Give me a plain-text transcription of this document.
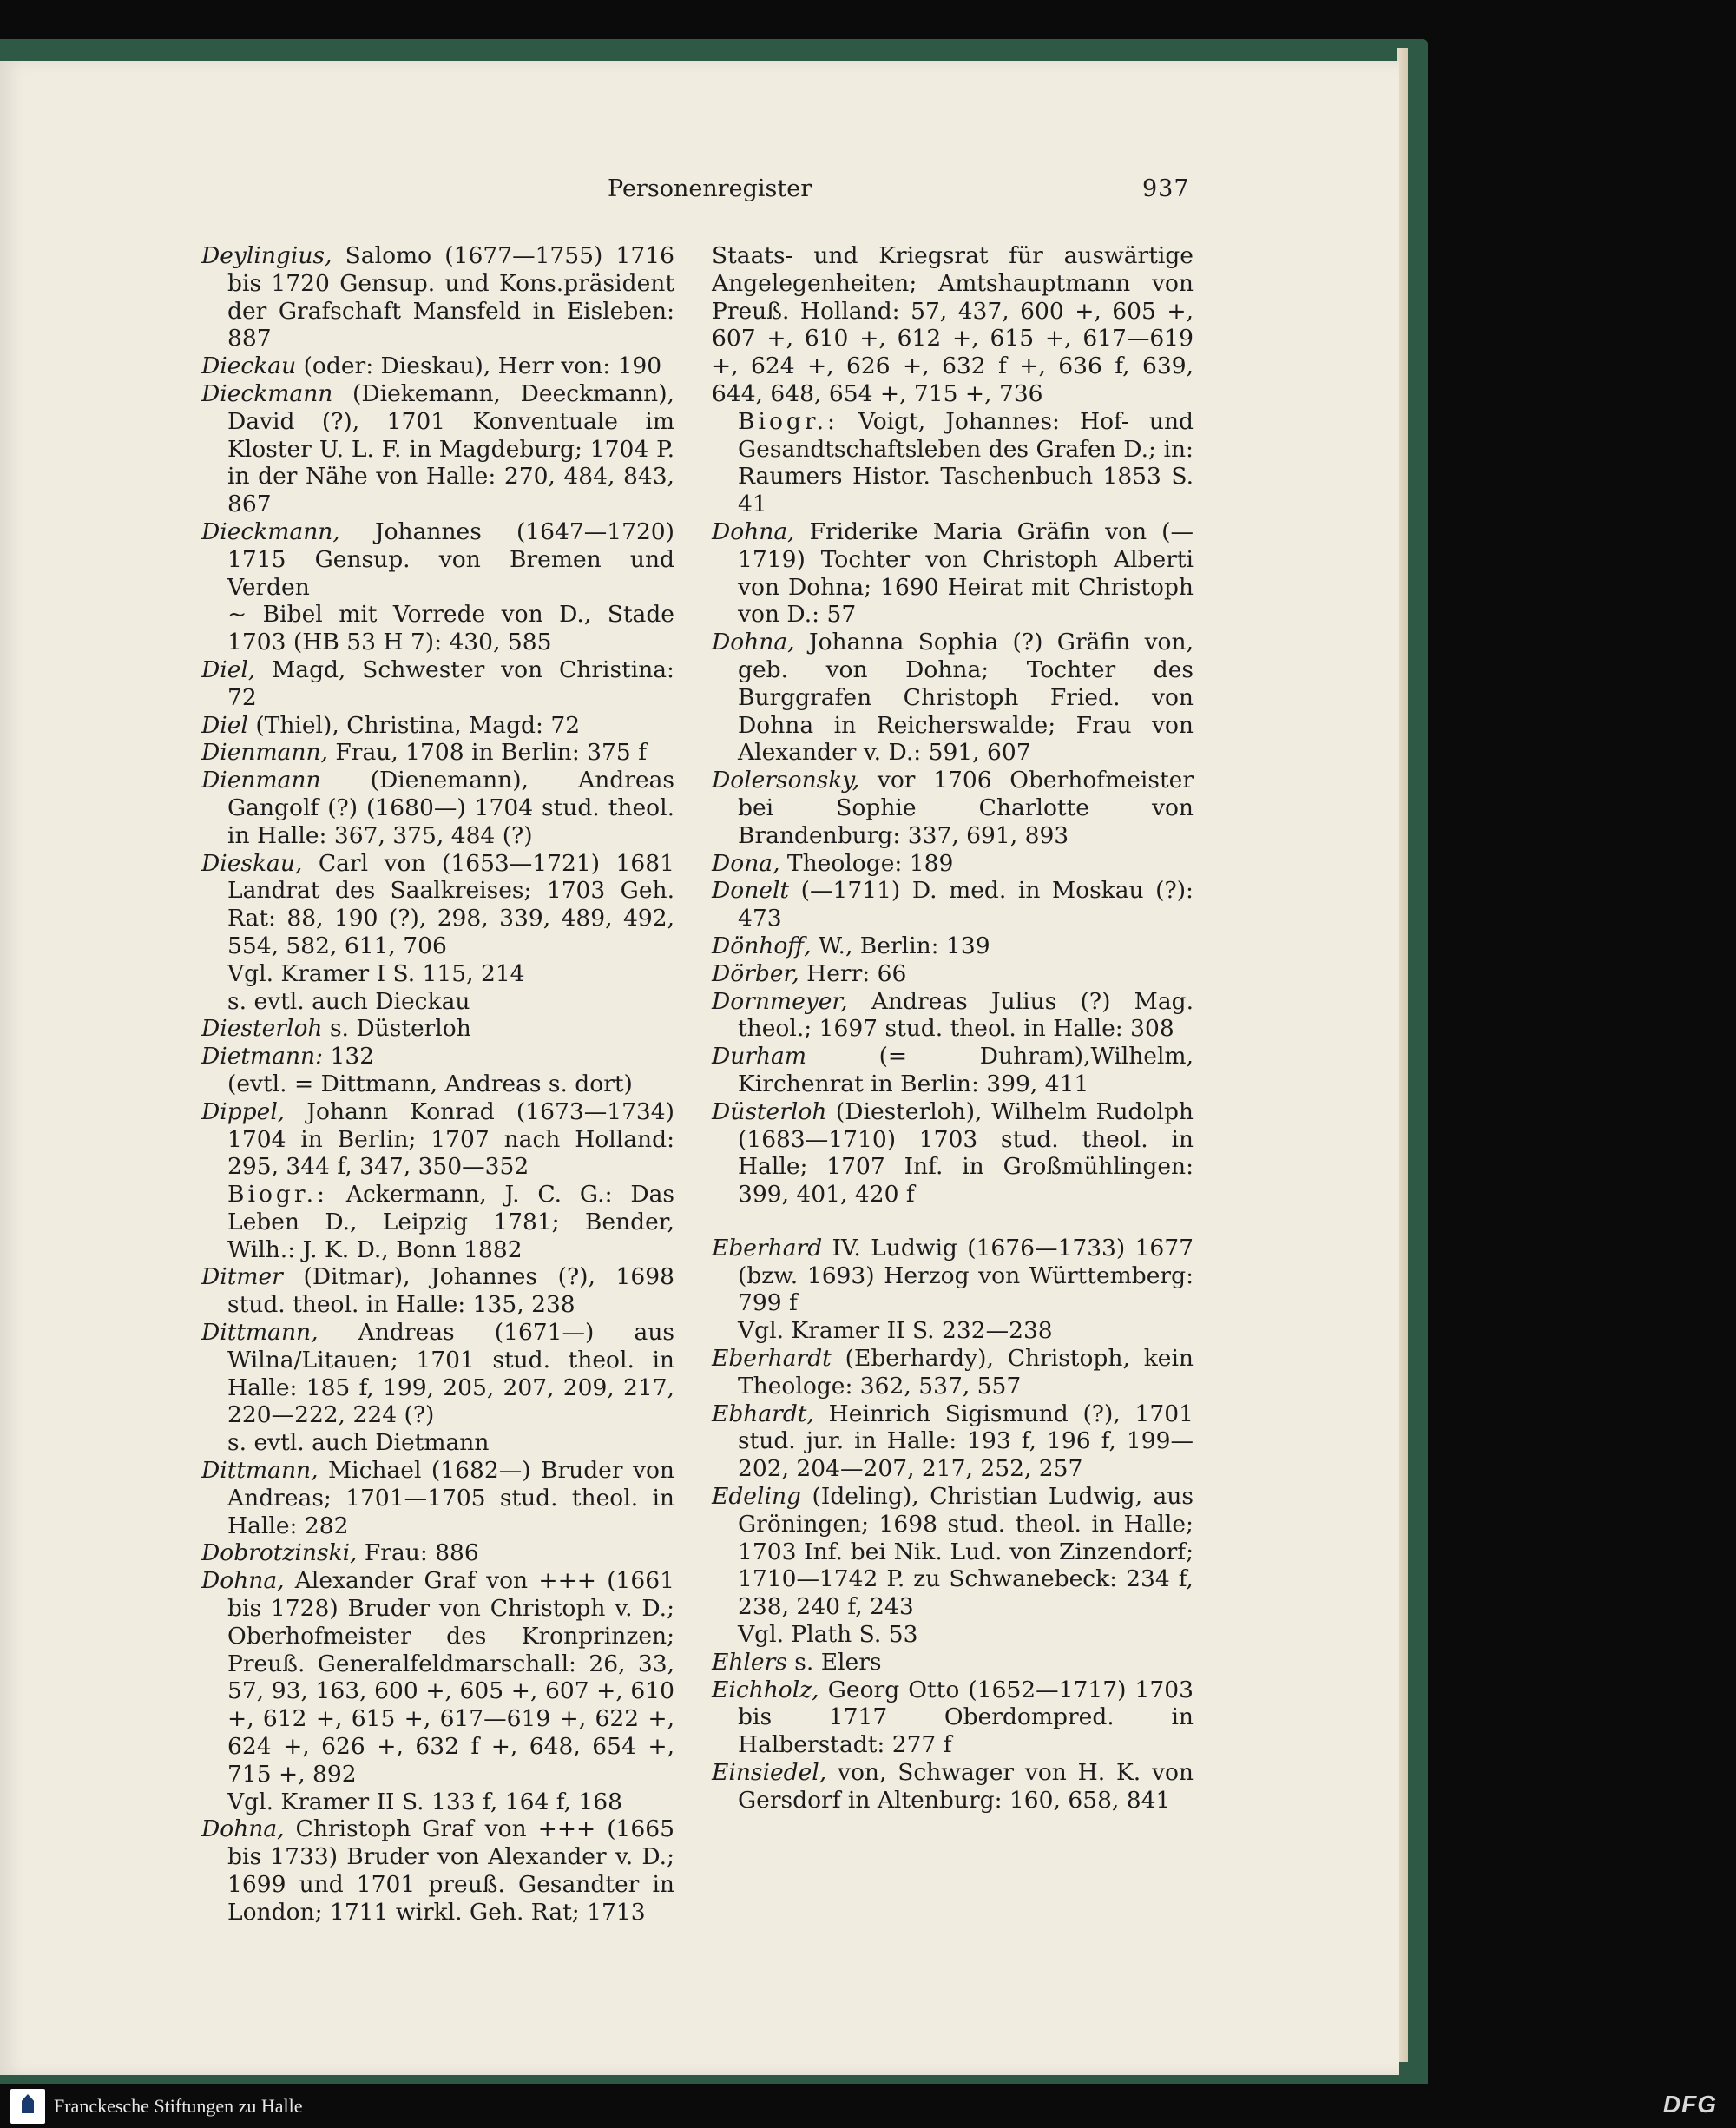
Personenregister	937

Deylingius, Salomo (1677—1755) 1716 bis 1720 Gensup. und Kons.präsident der Grafschaft Mansfeld in Eisleben: 887

Dieckau (oder: Dieskau), Herr von: 190

Dieckmann (Diekemann, Deeckmann), David (?), 1701 Konventuale im Kloster U. L. F. in Magdeburg; 1704 P. in der Nähe von Halle: 270, 484, 843, 867

Dieckmann, Johannes (1647—1720) 1715 Gensup. von Bremen und Verden

~ Bibel mit Vorrede von D., Stade 1703 (HB 53 H 7): 430, 585

Diel, Magd, Schwester von Christina: 72

Diel (Thiel), Christina, Magd: 72

Dienmann, Frau, 1708 in Berlin: 375 f

Dienmann (Dienemann), Andreas Gangolf (?) (1680—) 1704 stud. theol. in Halle: 367, 375, 484 (?)

Dieskau, Carl von (1653—1721) 1681 Landrat des Saalkreises; 1703 Geh. Rat: 88, 190 (?), 298, 339, 489, 492, 554, 582, 611, 706

Vgl. Kramer I S. 115, 214

s. evtl. auch Dieckau

Diesterloh s. Düsterloh

Dietmann: 132

(evtl. = Dittmann, Andreas s. dort)

Dippel, Johann Konrad (1673—1734) 1704 in Berlin; 1707 nach Holland: 295, 344 f, 347, 350—352

Biogr.: Ackermann, J. C. G.: Das Leben D., Leipzig 1781; Bender, Wilh.: J. K. D., Bonn 1882

Ditmer (Ditmar), Johannes (?), 1698 stud. theol. in Halle: 135, 238

Dittmann, Andreas (1671—) aus Wilna/Litauen; 1701 stud. theol. in Halle: 185 f, 199, 205, 207, 209, 217, 220—222, 224 (?)

s. evtl. auch Dietmann

Dittmann, Michael (1682—) Bruder von Andreas; 1701—1705 stud. theol. in Halle: 282

Dobrotzinski, Frau: 886

Dohna, Alexander Graf von +++ (1661 bis 1728) Bruder von Christoph v. D.; Oberhofmeister des Kronprinzen; Preuß. Generalfeldmarschall: 26, 33, 57, 93, 163, 600 +, 605 +, 607 +, 610 +, 612 +, 615 +, 617—619 +, 622 +, 624 +, 626 +, 632 f +, 648, 654 +, 715 +, 892

Vgl. Kramer II S. 133 f, 164 f, 168

Dohna, Christoph Graf von +++ (1665 bis 1733) Bruder von Alexander v. D.; 1699 und 1701 preuß. Gesandter in London; 1711 wirkl. Geh. Rat; 1713

Staats- und Kriegsrat für auswärtige Angelegenheiten; Amtshauptmann von Preuß. Holland: 57, 437, 600 +, 605 +, 607 +, 610 +, 612 +, 615 +, 617—619 +, 624 +, 626 +, 632 f +, 636 f, 639, 644, 648, 654 +, 715 +, 736

Biogr.: Voigt, Johannes: Hof- und Gesandtschaftsleben des Grafen D.; in: Raumers Histor. Taschenbuch 1853 S. 41

Dohna, Friderike Maria Gräfin von (—1719) Tochter von Christoph Alberti von Dohna; 1690 Heirat mit Christoph von D.: 57

Dohna, Johanna Sophia (?) Gräfin von, geb. von Dohna; Tochter des Burggrafen Christoph Fried. von Dohna in Reicherswalde; Frau von Alexander v. D.: 591, 607

Dolersonsky, vor 1706 Oberhofmeister bei Sophie Charlotte von Brandenburg: 337, 691, 893

Dona, Theologe: 189

Donelt (—1711) D. med. in Moskau (?): 473

Dönhoff, W., Berlin: 139

Dörber, Herr: 66

Dornmeyer, Andreas Julius (?) Mag. theol.; 1697 stud. theol. in Halle: 308

Durham (= Duhram),Wilhelm, Kirchenrat in Berlin: 399, 411

Düsterloh (Diesterloh), Wilhelm Rudolph (1683—1710) 1703 stud. theol. in Halle; 1707 Inf. in Großmühlingen: 399, 401, 420 f

Eberhard IV. Ludwig (1676—1733) 1677 (bzw. 1693) Herzog von Württemberg: 799 f

Vgl. Kramer II S. 232—238

Eberhardt (Eberhardy), Christoph, kein Theologe: 362, 537, 557

Ebhardt, Heinrich Sigismund (?), 1701 stud. jur. in Halle: 193 f, 196 f, 199—202, 204—207, 217, 252, 257

Edeling (Ideling), Christian Ludwig, aus Gröningen; 1698 stud. theol. in Halle; 1703 Inf. bei Nik. Lud. von Zinzendorf; 1710—1742 P. zu Schwanebeck: 234 f, 238, 240 f, 243

Vgl. Plath S. 53

Ehlers s. Elers

Eichholz, Georg Otto (1652—1717) 1703 bis 1717 Oberdompred. in Halberstadt: 277 f

Einsiedel, von, Schwager von H. K. von Gersdorf in Altenburg: 160, 658, 841

Franckesche Stiftungen zu Halle	DFG
